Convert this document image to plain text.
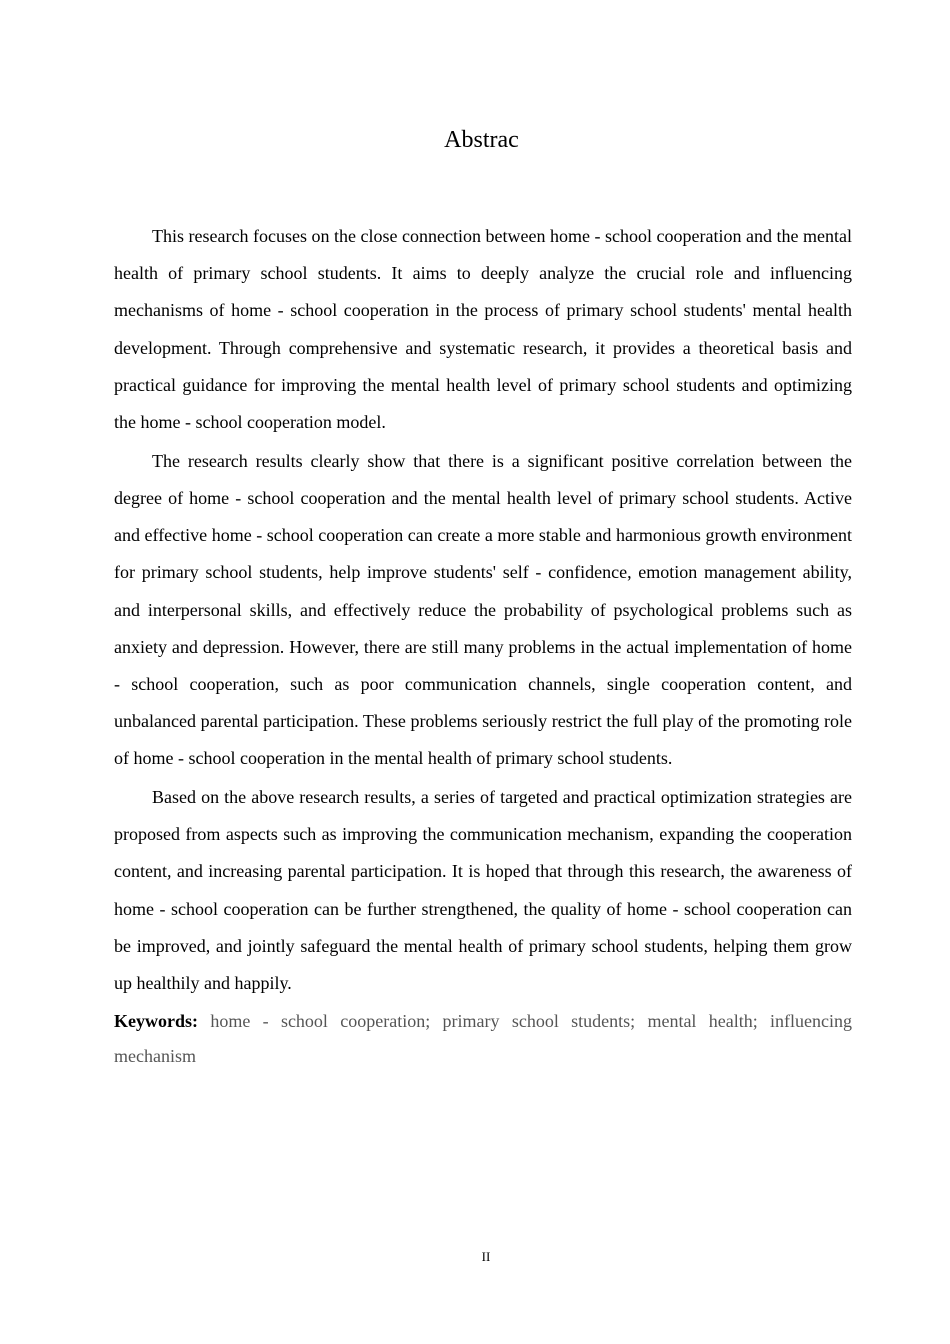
Abstrac

This research focuses on the close connection between home - school cooperation and the mental health of primary school students. It aims to deeply analyze the crucial role and influencing mechanisms of home - school cooperation in the process of primary school students' mental health development. Through comprehensive and systematic research, it provides a theoretical basis and practical guidance for improving the mental health level of primary school students and optimizing the home - school cooperation model.

The research results clearly show that there is a significant positive correlation between the degree of home - school cooperation and the mental health level of primary school students. Active and effective home - school cooperation can create a more stable and harmonious growth environment for primary school students, help improve students' self - confidence, emotion management ability, and interpersonal skills, and effectively reduce the probability of psychological problems such as anxiety and depression. However, there are still many problems in the actual implementation of home - school cooperation, such as poor communication channels, single cooperation content, and unbalanced parental participation. These problems seriously restrict the full play of the promoting role of home - school cooperation in the mental health of primary school students.

Based on the above research results, a series of targeted and practical optimization strategies are proposed from aspects such as improving the communication mechanism, expanding the cooperation content, and increasing parental participation. It is hoped that through this research, the awareness of home - school cooperation can be further strengthened, the quality of home - school cooperation can be improved, and jointly safeguard the mental health of primary school students, helping them grow up healthily and happily.

Keywords: home - school cooperation; primary school students; mental health; influencing mechanism

II
